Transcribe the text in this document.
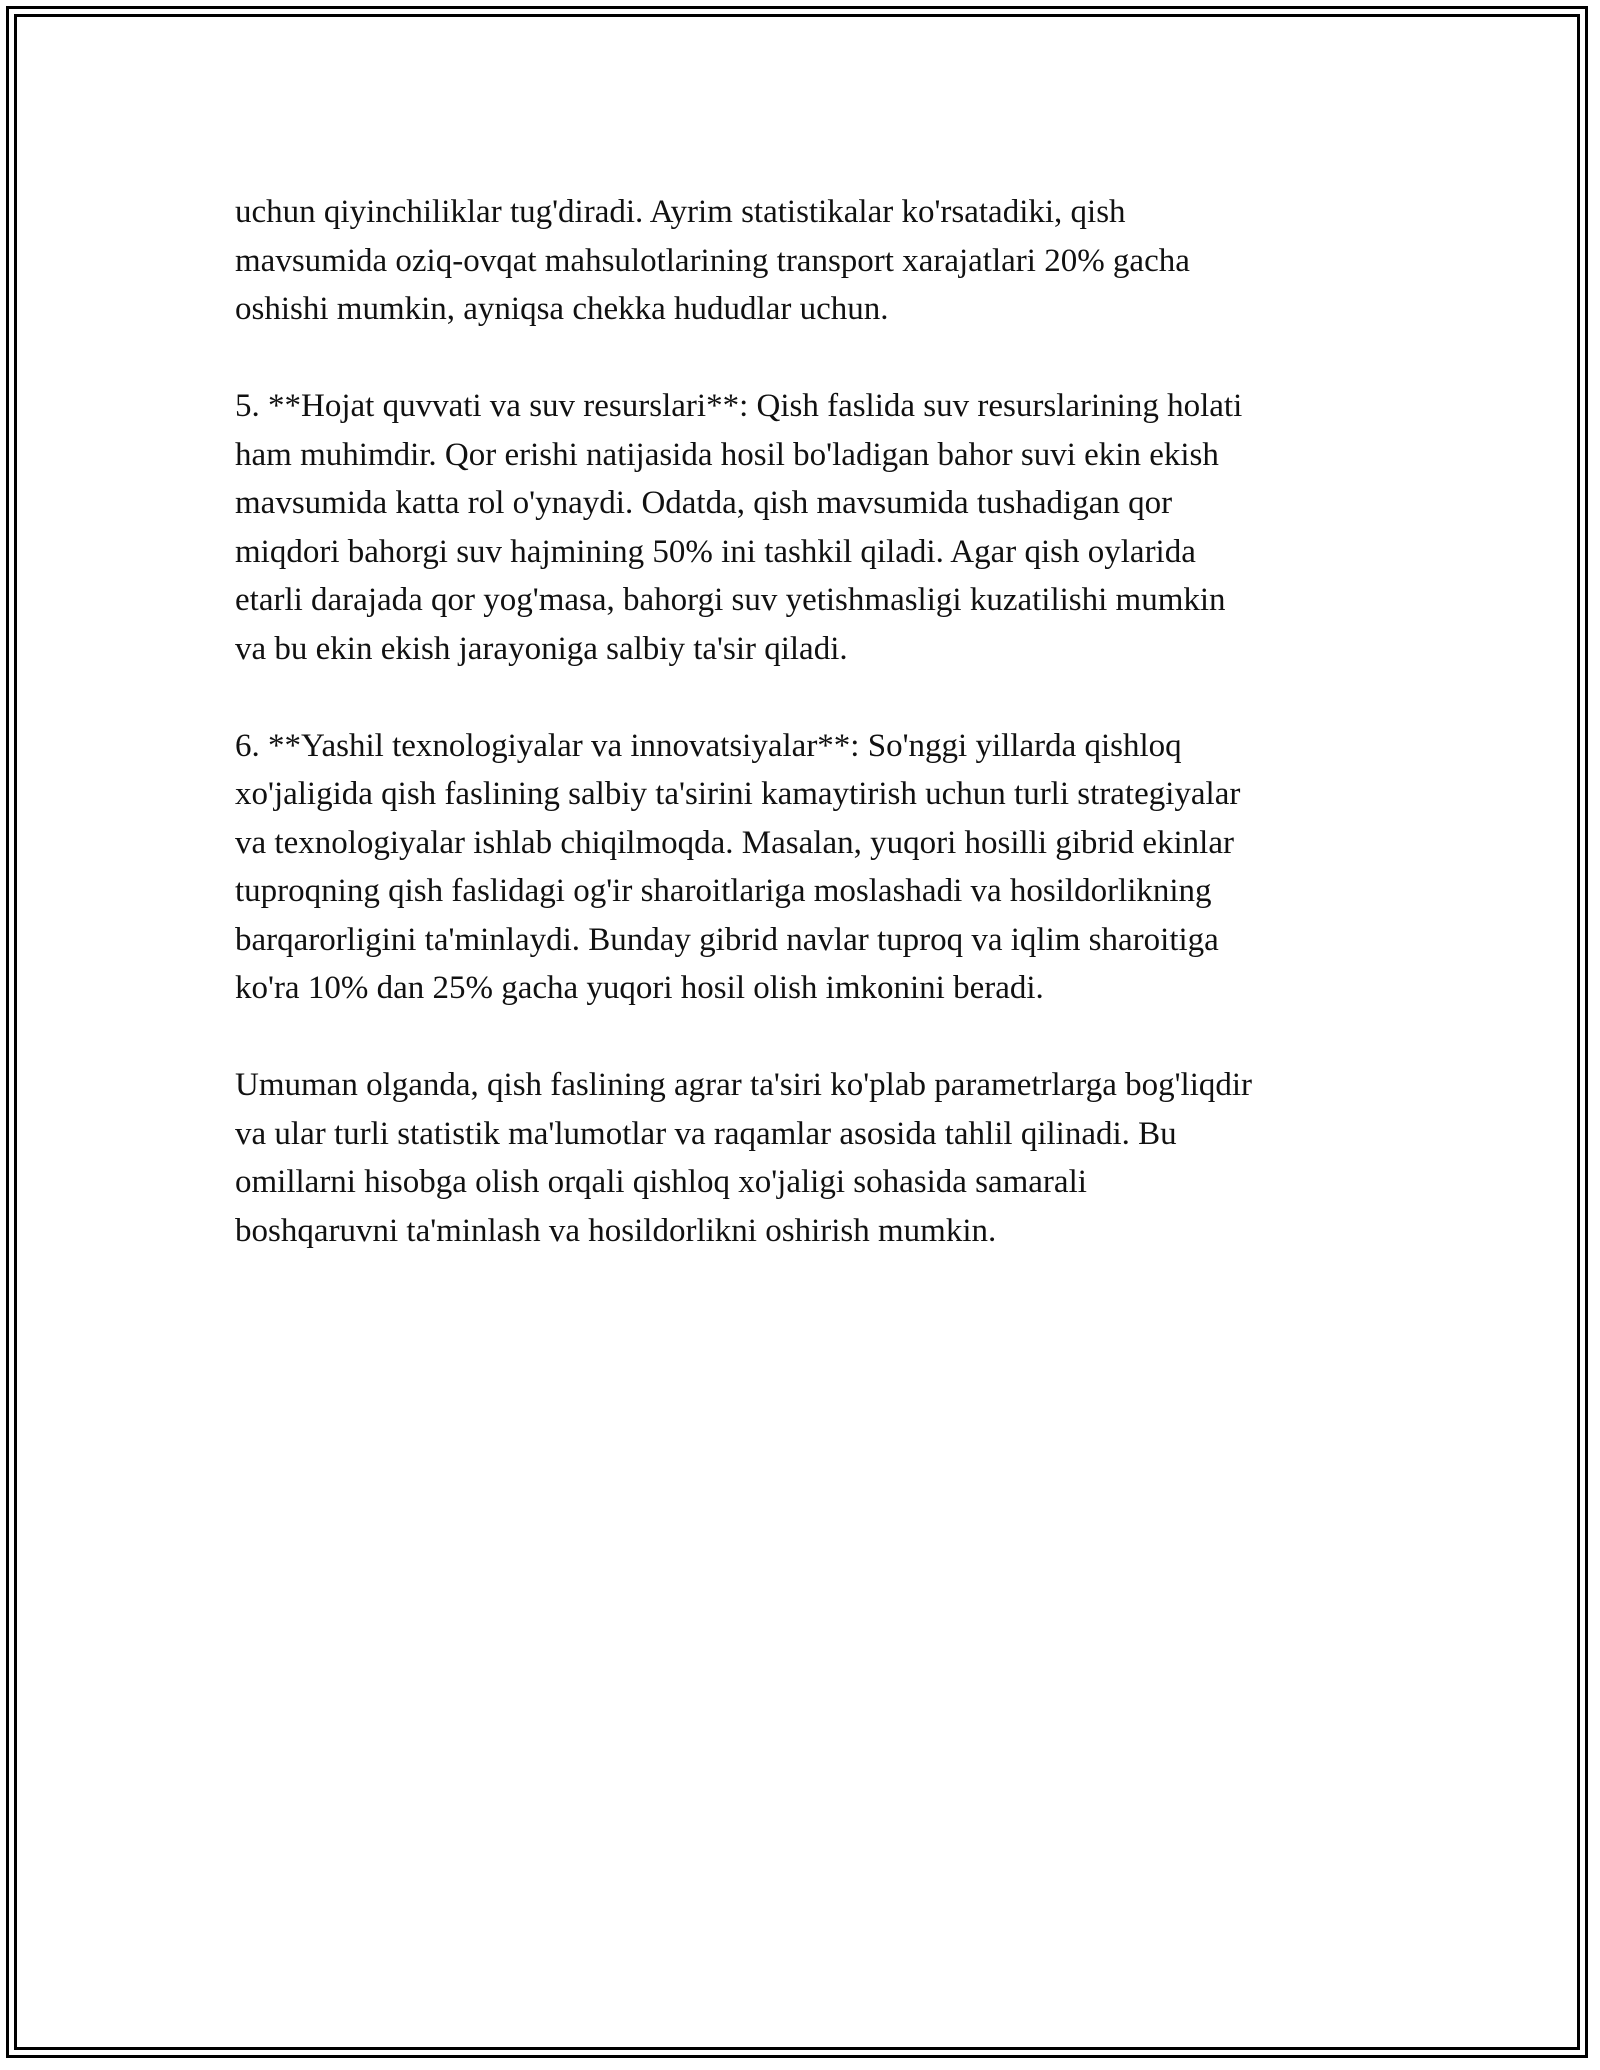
uchun qiyinchiliklar tug'diradi. Ayrim statistikalar ko'rsatadiki, qish
mavsumida oziq-ovqat mahsulotlarining transport xarajatlari 20% gacha
oshishi mumkin, ayniqsa chekka hududlar uchun.

5. **Hojat quvvati va suv resurslari**: Qish faslida suv resurslarining holati
ham muhimdir. Qor erishi natijasida hosil bo'ladigan bahor suvi ekin ekish
mavsumida katta rol o'ynaydi. Odatda, qish mavsumida tushadigan qor
miqdori bahorgi suv hajmining 50% ini tashkil qiladi. Agar qish oylarida
etarli darajada qor yog'masa, bahorgi suv yetishmasligi kuzatilishi mumkin
va bu ekin ekish jarayoniga salbiy ta'sir qiladi.

6. **Yashil texnologiyalar va innovatsiyalar**: So'nggi yillarda qishloq
xo'jaligida qish faslining salbiy ta'sirini kamaytirish uchun turli strategiyalar
va texnologiyalar ishlab chiqilmoqda. Masalan, yuqori hosilli gibrid ekinlar
tuproqning qish faslidagi og'ir sharoitlariga moslashadi va hosildorlikning
barqarorligini ta'minlaydi. Bunday gibrid navlar tuproq va iqlim sharoitiga
ko'ra 10% dan 25% gacha yuqori hosil olish imkonini beradi.

Umuman olganda, qish faslining agrar ta'siri ko'plab parametrlarga bog'liqdir
va ular turli statistik ma'lumotlar va raqamlar asosida tahlil qilinadi. Bu
omillarni hisobga olish orqali qishloq xo'jaligi sohasida samarali
boshqaruvni ta'minlash va hosildorlikni oshirish mumkin.
